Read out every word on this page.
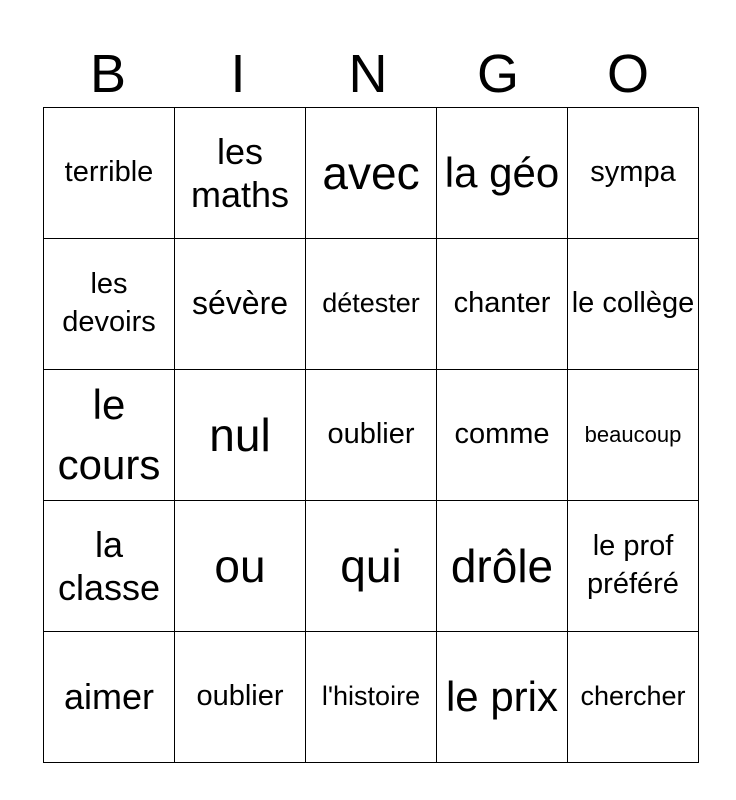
B	I	N	G	O
terrible	les maths	avec	la géo	sympa

les devoirs	sévère	détester	chanter	le collège

le cours	nul	oublier	comme	beaucoup

la classe	ou	qui	drôle	le prof préféré

aimer	oublier	l'histoire	le prix	chercher
